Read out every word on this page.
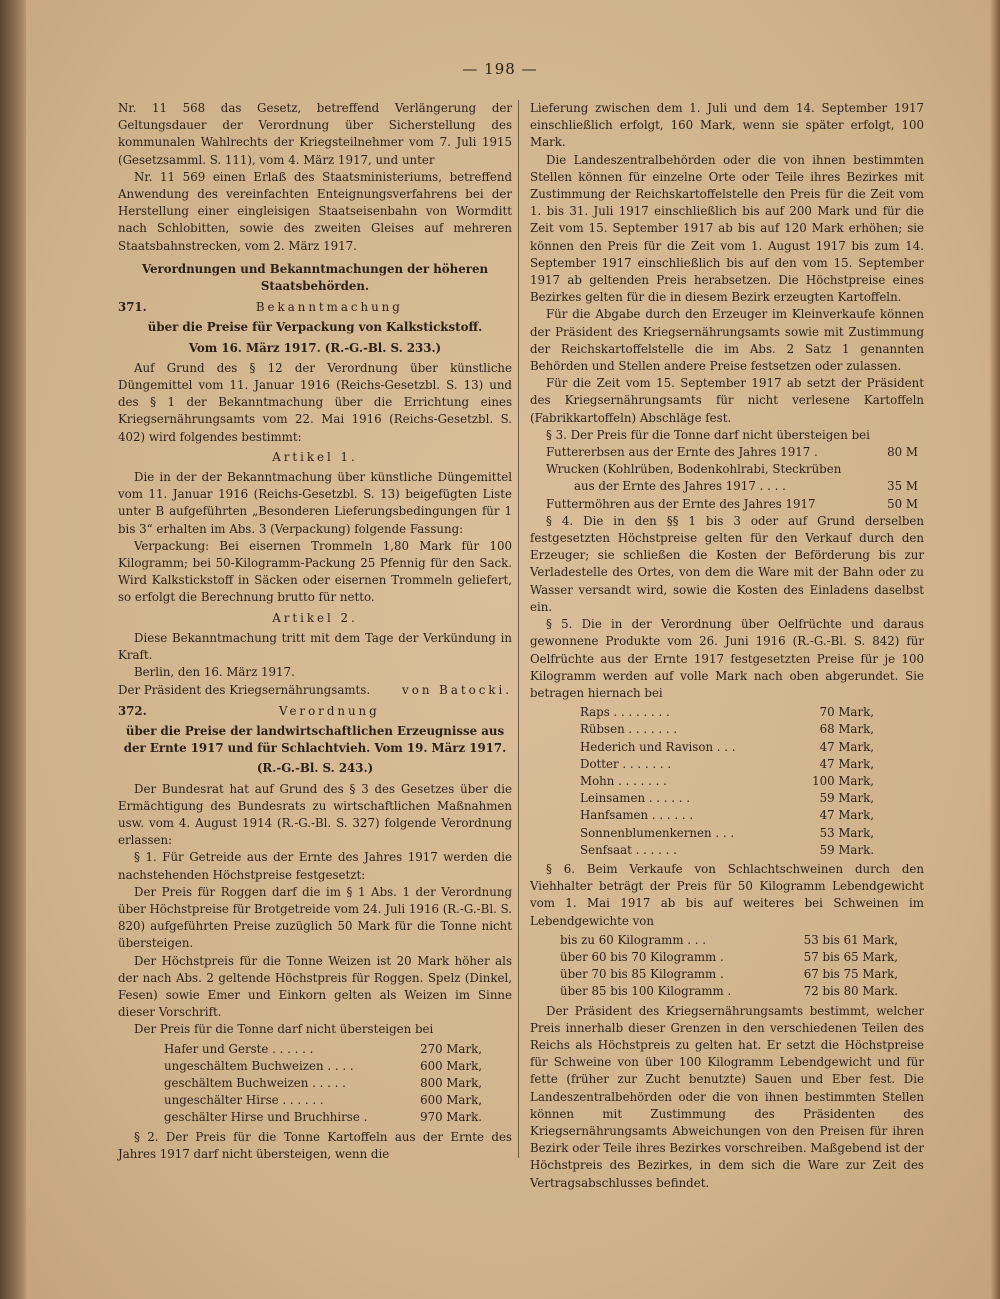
— 198 —

Nr. 11 568 das Gesetz, betreffend Verlängerung der Geltungsdauer der Verordnung über Sicherstellung des kommunalen Wahlrechts der Kriegsteilnehmer vom 7. Juli 1915 (Gesetzsamml. S. 111), vom 4. März 1917, und unter

Nr. 11 569 einen Erlaß des Staatsministeriums, betreffend Anwendung des vereinfachten Enteignungsverfahrens bei der Herstellung einer eingleisigen Staatseisenbahn von Wormditt nach Schlobitten, sowie des zweiten Gleises auf mehreren Staatsbahnstrecken, vom 2. März 1917.

Verordnungen und Bekanntmachungen der höheren Staatsbehörden.
371.	Bekanntmachung
über die Preise für Verpackung von Kalkstickstoff.
Vom 16. März 1917. (R.-G.-Bl. S. 233.)

Auf Grund des § 12 der Verordnung über künstliche Düngemittel vom 11. Januar 1916 (Reichs-Gesetzbl. S. 13) und des § 1 der Bekanntmachung über die Errichtung eines Kriegsernährungsamts vom 22. Mai 1916 (Reichs-Gesetzbl. S. 402) wird folgendes bestimmt:

Artikel 1.

Die in der der Bekanntmachung über künstliche Düngemittel vom 11. Januar 1916 (Reichs-Gesetzbl. S. 13) beigefügten Liste unter B aufgeführten „Besonderen Lieferungsbedingungen für 1 bis 3“ erhalten im Abs. 3 (Verpackung) folgende Fassung:

Verpackung: Bei eisernen Trommeln 1,80 Mark für 100 Kilogramm; bei 50-Kilogramm-Packung 25 Pfennig für den Sack. Wird Kalkstickstoff in Säcken oder eisernen Trommeln geliefert, so erfolgt die Berechnung brutto für netto.

Artikel 2.

Diese Bekanntmachung tritt mit dem Tage der Verkündung in Kraft.

Berlin, den 16. März 1917.

Der Präsident des Kriegsernährungsamts.	von Batocki.
372.	Verordnung
über die Preise der landwirtschaftlichen Erzeugnisse aus der Ernte 1917 und für Schlachtvieh. Vom 19. März 1917.
(R.-G.-Bl. S. 243.)

Der Bundesrat hat auf Grund des § 3 des Gesetzes über die Ermächtigung des Bundesrats zu wirtschaftlichen Maßnahmen usw. vom 4. August 1914 (R.-G.-Bl. S. 327) folgende Verordnung erlassen:

§ 1. Für Getreide aus der Ernte des Jahres 1917 werden die nachstehenden Höchstpreise festgesetzt:

Der Preis für Roggen darf die im § 1 Abs. 1 der Verordnung über Höchstpreise für Brotgetreide vom 24. Juli 1916 (R.-G.-Bl. S. 820) aufgeführten Preise zuzüglich 50 Mark für die Tonne nicht übersteigen.

Der Höchstpreis für die Tonne Weizen ist 20 Mark höher als der nach Abs. 2 geltende Höchstpreis für Roggen. Spelz (Dinkel, Fesen) sowie Emer und Einkorn gelten als Weizen im Sinne dieser Vorschrift.

Der Preis für die Tonne darf nicht übersteigen bei

Hafer und Gerste . . . . . .	270 Mark,
ungeschältem Buchweizen . . . .	600 Mark,
geschältem Buchweizen . . . . .	800 Mark,
ungeschälter Hirse . . . . . .	600 Mark,
geschälter Hirse und Bruchhirse .	970 Mark.

§ 2. Der Preis für die Tonne Kartoffeln aus der Ernte des Jahres 1917 darf nicht übersteigen, wenn die

Lieferung zwischen dem 1. Juli und dem 14. September 1917 einschließlich erfolgt, 160 Mark, wenn sie später erfolgt, 100 Mark.

Die Landeszentralbehörden oder die von ihnen bestimmten Stellen können für einzelne Orte oder Teile ihres Bezirkes mit Zustimmung der Reichskartoffelstelle den Preis für die Zeit vom 1. bis 31. Juli 1917 einschließlich bis auf 200 Mark und für die Zeit vom 15. September 1917 ab bis auf 120 Mark erhöhen; sie können den Preis für die Zeit vom 1. August 1917 bis zum 14. September 1917 einschließlich bis auf den vom 15. September 1917 ab geltenden Preis herabsetzen. Die Höchstpreise eines Bezirkes gelten für die in diesem Bezirk erzeugten Kartoffeln.

Für die Abgabe durch den Erzeuger im Kleinverkaufe können der Präsident des Kriegsernährungsamts sowie mit Zustimmung der Reichskartoffelstelle die im Abs. 2 Satz 1 genannten Behörden und Stellen andere Preise festsetzen oder zulassen.

Für die Zeit vom 15. September 1917 ab setzt der Präsident des Kriegsernährungsamts für nicht verlesene Kartoffeln (Fabrikkartoffeln) Abschläge fest.

§ 3. Der Preis für die Tonne darf nicht übersteigen bei

Futtererbsen aus der Ernte des Jahres 1917 .	80 M
Wrucken (Kohlrüben, Bodenkohlrabi, Steckrüben
aus der Ernte des Jahres 1917 . . . .	35 M
Futtermöhren aus der Ernte des Jahres 1917	50 M

§ 4. Die in den §§ 1 bis 3 oder auf Grund derselben festgesetzten Höchstpreise gelten für den Verkauf durch den Erzeuger; sie schließen die Kosten der Beförderung bis zur Verladestelle des Ortes, von dem die Ware mit der Bahn oder zu Wasser versandt wird, sowie die Kosten des Einladens daselbst ein.

§ 5. Die in der Verordnung über Oelfrüchte und daraus gewonnene Produkte vom 26. Juni 1916 (R.-G.-Bl. S. 842) für Oelfrüchte aus der Ernte 1917 festgesetzten Preise für je 100 Kilogramm werden auf volle Mark nach oben abgerundet. Sie betragen hiernach bei

Raps . . . . . . . .	70 Mark,
Rübsen . . . . . . .	68 Mark,
Hederich und Ravison . . .	47 Mark,
Dotter . . . . . . .	47 Mark,
Mohn . . . . . . .	100 Mark,
Leinsamen . . . . . .	59 Mark,
Hanfsamen . . . . . .	47 Mark,
Sonnenblumenkernen . . .	53 Mark,
Senfsaat . . . . . .	59 Mark.

§ 6. Beim Verkaufe von Schlachtschweinen durch den Viehhalter beträgt der Preis für 50 Kilogramm Lebendgewicht vom 1. Mai 1917 ab bis auf weiteres bei Schweinen im Lebendgewichte von

bis zu 60 Kilogramm . . .	53 bis 61 Mark,
über 60 bis 70 Kilogramm .	57 bis 65 Mark,
über 70 bis 85 Kilogramm .	67 bis 75 Mark,
über 85 bis 100 Kilogramm .	72 bis 80 Mark.

Der Präsident des Kriegsernährungsamts bestimmt, welcher Preis innerhalb dieser Grenzen in den verschiedenen Teilen des Reichs als Höchstpreis zu gelten hat. Er setzt die Höchstpreise für Schweine von über 100 Kilogramm Lebendgewicht und für fette (früher zur Zucht benutzte) Sauen und Eber fest. Die Landeszentralbehörden oder die von ihnen bestimmten Stellen können mit Zustimmung des Präsidenten des Kriegsernährungsamts Abweichungen von den Preisen für ihren Bezirk oder Teile ihres Bezirkes vorschreiben. Maßgebend ist der Höchstpreis des Bezirkes, in dem sich die Ware zur Zeit des Vertragsabschlusses befindet.
